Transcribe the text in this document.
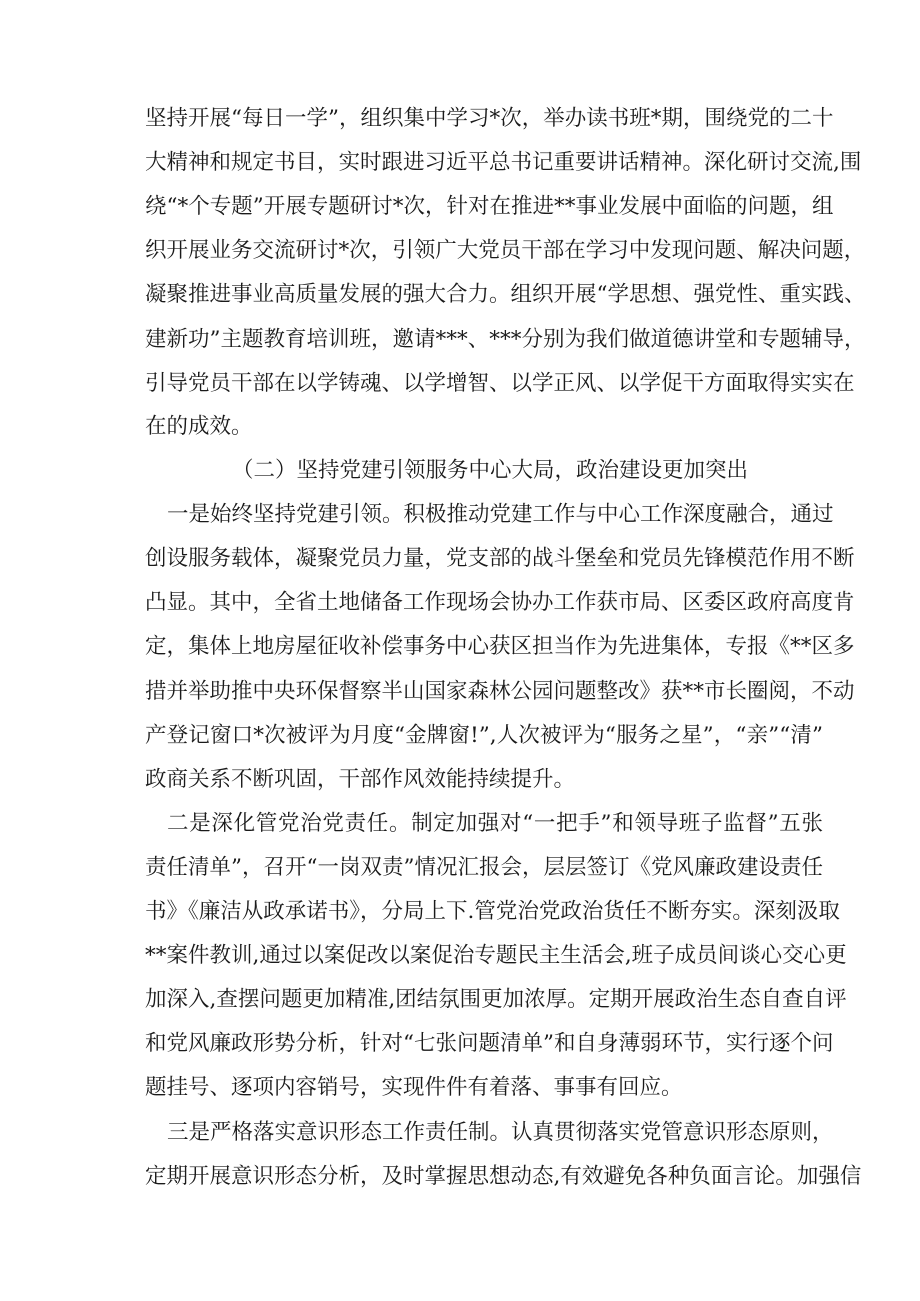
坚持开展“每日一学”，组织集中学习*次，举办读书班*期，围绕党的二十
大精神和规定书目，实时跟进习近平总书记重要讲话精神。深化研讨交流,围
绕“*个专题”开展专题研讨*次，针对在推进**事业发展中面临的问题，组
织开展业务交流研讨*次，引领广大党员干部在学习中发现问题、解决问题，
凝聚推进事业高质量发展的强大合力。组织开展“学思想、强党性、重实践、
建新功”主题教育培训班，邀请***、***分别为我们做道德讲堂和专题辅导，
引导党员干部在以学铸魂、以学增智、以学正风、以学促干方面取得实实在
在的成效。
（二）坚持党建引领服务中心大局，政治建设更加突出
一是始终坚持党建引领。积极推动党建工作与中心工作深度融合，通过
创设服务载体，凝聚党员力量，党支部的战斗堡垒和党员先锋模范作用不断
凸显。其中，全省土地储备工作现场会协办工作获市局、区委区政府高度肯
定，集体上地房屋征收补偿事务中心获区担当作为先进集体，专报《**区多
措并举助推中央环保督察半山国家森林公园问题整改》获**市长圈阅，不动
产登记窗口*次被评为月度“金牌窗!”,人次被评为“服务之星”，“亲”“清”
政商关系不断巩固，干部作风效能持续提升。
二是深化管党治党责任。制定加强对“一把手”和领导班子监督”五张
责任清单”，召开“一岗双责”情况汇报会，层层签订《党风廉政建设责任
书》《廉洁从政承诺书》，分局上下.管党治党政治货任不断夯实。深刻汲取
**案件教训,通过以案促改以案促治专题民主生活会,班子成员间谈心交心更
加深入,查摆问题更加精准,团结氛围更加浓厚。定期开展政治生态自查自评
和党风廉政形势分析，针对“七张问题清单”和自身薄弱环节，实行逐个问
题挂号、逐项内容销号，实现件件有着落、事事有回应。
三是严格落实意识形态工作责任制。认真贯彻落实党管意识形态原则，
定期开展意识形态分析，及时掌握思想动态,有效避免各种负面言论。加强信
